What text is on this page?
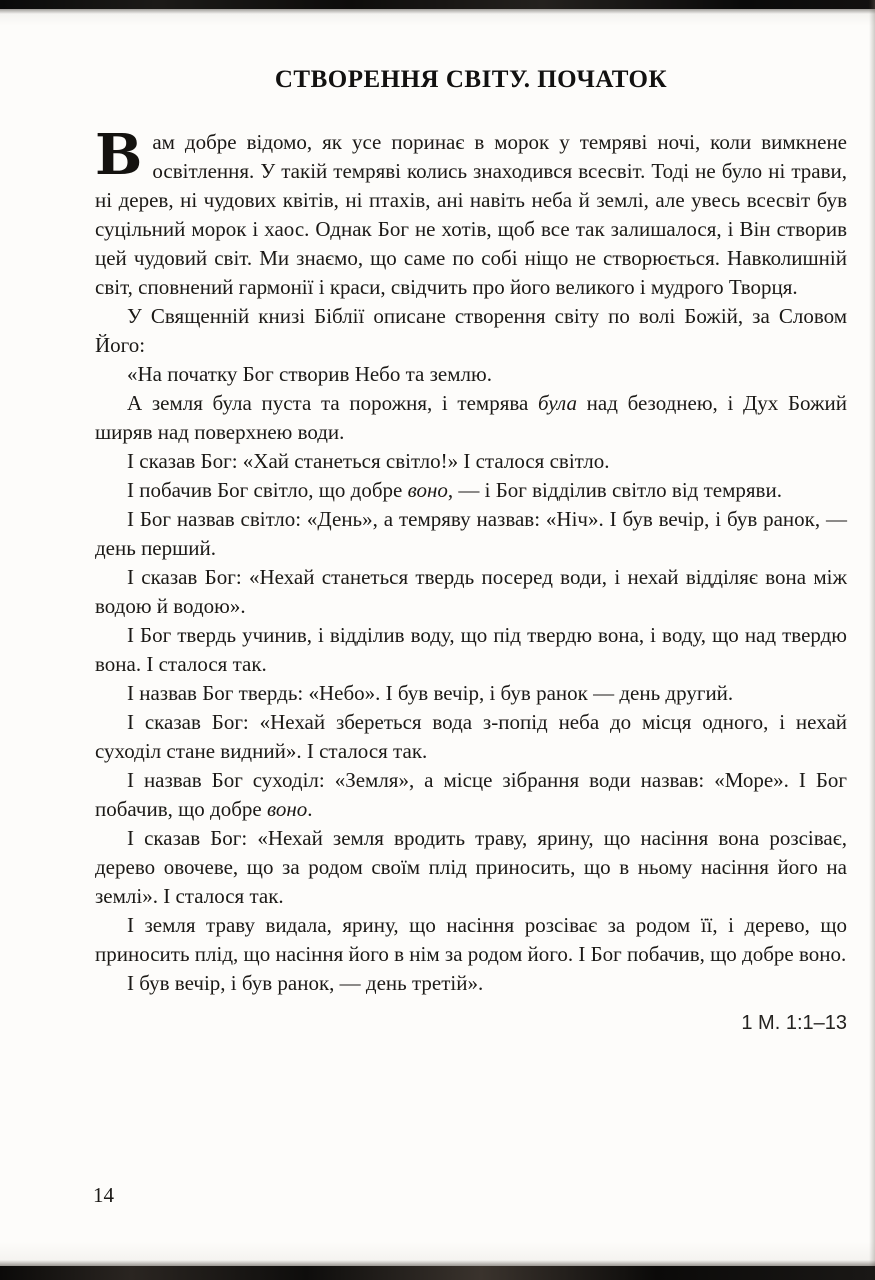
СТВОРЕННЯ СВІТУ. ПОЧАТОК

Вам добре відомо, як усе поринає в морок у темряві ночі, коли вимкнене освітлення. У такій темряві колись знаходився всесвіт. Тоді не було ні трави, ні дерев, ні чудових квітів, ні птахів, ані навіть неба й землі, але увесь всесвіт був суцільний морок і хаос. Однак Бог не хотів, щоб все так залишалося, і Він створив цей чудовий світ. Ми знаємо, що саме по собі ніщо не створюється. Навколишній світ, сповнений гармонії і краси, свідчить про його великого і мудрого Творця.

У Священній книзі Біблії описане створення світу по волі Божій, за Словом Його:

«На початку Бог створив Небо та землю.

А земля була пуста та порожня, і темрява була над безоднею, і Дух Божий ширяв над поверхнею води.

І сказав Бог: «Хай станеться світло!» І сталося світло.

І побачив Бог світло, що добре воно, — і Бог відділив світло від темряви.

І Бог назвав світло: «День», а темряву назвав: «Ніч». І був вечір, і був ранок, — день перший.

І сказав Бог: «Нехай станеться твердь посеред води, і нехай відділяє вона між водою й водою».

І Бог твердь учинив, і відділив воду, що під твердю вона, і воду, що над твердю вона. І сталося так.

І назвав Бог твердь: «Небо». І був вечір, і був ранок — день другий.

І сказав Бог: «Нехай збереться вода з-попід неба до місця одного, і нехай суходіл стане видний». І сталося так.

І назвав Бог суходіл: «Земля», а місце зібрання води назвав: «Море». І Бог побачив, що добре воно.

І сказав Бог: «Нехай земля вродить траву, ярину, що насіння вона розсіває, дерево овочеве, що за родом своїм плід приносить, що в ньому насіння його на землі». І сталося так.

І земля траву видала, ярину, що насіння розсіває за родом її, і дерево, що приносить плід, що насіння його в нім за родом його. І Бог побачив, що добре воно.

І був вечір, і був ранок, — день третій».

1 М. 1:1–13
14
